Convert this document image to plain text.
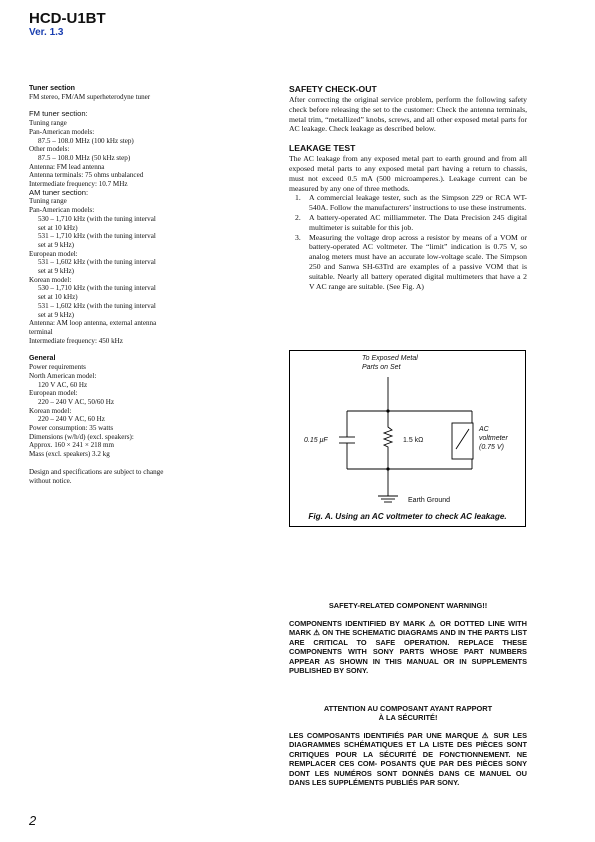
HCD-U1BT
Ver. 1.3
Tuner section
FM stereo, FM/AM superheterodyne tuner
FM tuner section:
Tuning range
Pan-American models:
87.5 – 108.0 MHz (100 kHz step)
Other models:
87.5 – 108.0 MHz (50 kHz step)
Antenna: FM lead antenna
Antenna terminals: 75 ohms unbalanced
Intermediate frequency: 10.7 MHz
AM tuner section:
Tuning range
Pan-American models:
530 – 1,710 kHz (with the tuning interval
set at 10 kHz)
531 – 1,710 kHz (with the tuning interval
set at 9 kHz)
European model:
531 – 1,602 kHz (with the tuning interval
set at 9 kHz)
Korean model:
530 – 1,710 kHz (with the tuning interval
set at 10 kHz)
531 – 1,602 kHz (with the tuning interval
set at 9 kHz)
Antenna: AM loop antenna, external antenna
terminal
Intermediate frequency: 450 kHz
General
Power requirements
North American model:
120 V AC, 60 Hz
European model:
220 – 240 V AC, 50/60 Hz
Korean model:
220 – 240 V AC, 60 Hz
Power consumption: 35 watts
Dimensions (w/h/d) (excl. speakers):
Approx. 160 × 241 × 218 mm
Mass (excl. speakers) 3.2 kg
Design and specifications are subject to change
without notice.
SAFETY CHECK-OUT

After correcting the original service problem, perform the following safety check before releasing the set to the customer: Check the antenna terminals, metal trim, “metallized” knobs, screws, and all other exposed metal parts for AC leakage. Check leakage as described below.

LEAKAGE TEST

The AC leakage from any exposed metal part to earth ground and from all exposed metal parts to any exposed metal part having a return to chassis, must not exceed 0.5 mA (500 microamperes.). Leakage current can be measured by any one of three methods.

1. A commercial leakage tester, such as the Simpson 229 or RCA WT-540A. Follow the manufacturers’ instructions to use these instruments.
2. A battery-operated AC milliammeter. The Data Precision 245 digital multimeter is suitable for this job.
3. Measuring the voltage drop across a resistor by means of a VOM or battery-operated AC voltmeter. The “limit” indication is 0.75 V, so analog meters must have an accurate low-voltage scale. The Simpson 250 and Sanwa SH-63Trd are examples of a passive VOM that is suitable. Nearly all battery operated digital multimeters that have a 2 V AC range are suitable. (See Fig. A)
To Exposed Metal
Parts on Set
0.15 μF	1.5 kΩ
AC
voltmeter
(0.75 V)
Earth Ground
Fig. A. Using an AC voltmeter to check AC leakage.
SAFETY-RELATED COMPONENT WARNING!!

COMPONENTS IDENTIFIED BY MARK ⚠ OR DOTTED LINE WITH MARK ⚠ ON THE SCHEMATIC DIAGRAMS AND IN THE PARTS LIST ARE CRITICAL TO SAFE OPERATION. REPLACE THESE COMPONENTS WITH SONY PARTS WHOSE PART NUMBERS APPEAR AS SHOWN IN THIS MANUAL OR IN SUPPLEMENTS PUBLISHED BY SONY.

ATTENTION AU COMPOSANT AYANT RAPPORT
À LA SÉCURITÉ!

LES COMPOSANTS IDENTIFIÉS PAR UNE MARQUE ⚠ SUR LES DIAGRAMMES SCHÉMATIQUES ET LA LISTE DES PIÈCES SONT CRITIQUES POUR LA SÉCURITÉ DE FONCTIONNEMENT. NE REMPLACER CES COM- POSANTS QUE PAR DES PIÈCES SONY DONT LES NUMÉROS SONT DONNÉS DANS CE MANUEL OU DANS LES SUPPLÉMENTS PUBLIÉS PAR SONY.

2
